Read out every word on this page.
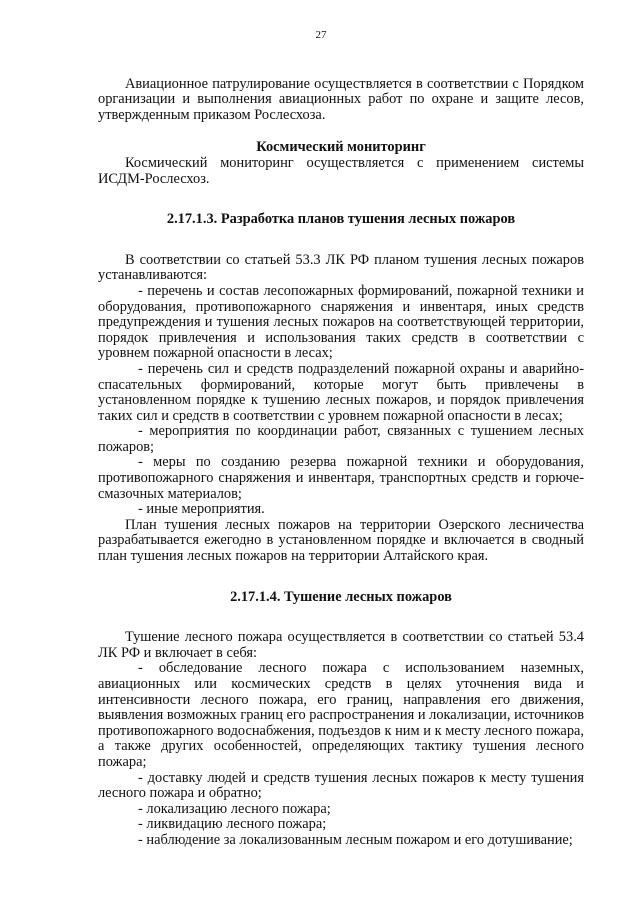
27

Авиационное патрулирование осуществляется в соответствии с Порядком организации и выполнения авиационных работ по охране и защите лесов, утвержденным приказом Рослесхоза.

Космический мониторинг

Космический мониторинг осуществляется с применением системы ИСДМ-Рослесхоз.

2.17.1.3. Разработка планов тушения лесных пожаров

В соответствии со статьей 53.3 ЛК РФ планом тушения лесных пожаров устанавливаются:

- перечень и состав лесопожарных формирований, пожарной техники и оборудования, противопожарного снаряжения и инвентаря, иных средств предупреждения и тушения лесных пожаров на соответствующей территории, порядок привлечения и использования таких средств в соответствии с уровнем пожарной опасности в лесах;

- перечень сил и средств подразделений пожарной охраны и аварийно-спасательных формирований, которые могут быть привлечены в установленном порядке к тушению лесных пожаров, и порядок привлечения таких сил и средств в соответствии с уровнем пожарной опасности в лесах;

- мероприятия по координации работ, связанных с тушением лесных пожаров;

- меры по созданию резерва пожарной техники и оборудования, противопожарного снаряжения и инвентаря, транспортных средств и горюче-смазочных материалов;

- иные мероприятия.

План тушения лесных пожаров на территории Озерского лесничества разрабатывается ежегодно в установленном порядке и включается в сводный план тушения лесных пожаров на территории Алтайского края.

2.17.1.4. Тушение лесных пожаров

Тушение лесного пожара осуществляется в соответствии со статьей 53.4 ЛК РФ и включает в себя:

- обследование лесного пожара с использованием наземных, авиационных или космических средств в целях уточнения вида и интенсивности лесного пожара, его границ, направления его движения, выявления возможных границ его распространения и локализации, источников противопожарного водоснабжения, подъездов к ним и к месту лесного пожара, а также других особенностей, определяющих тактику тушения лесного пожара;

- доставку людей и средств тушения лесных пожаров к месту тушения лесного пожара и обратно;

- локализацию лесного пожара;

- ликвидацию лесного пожара;

- наблюдение за локализованным лесным пожаром и его дотушивание;
